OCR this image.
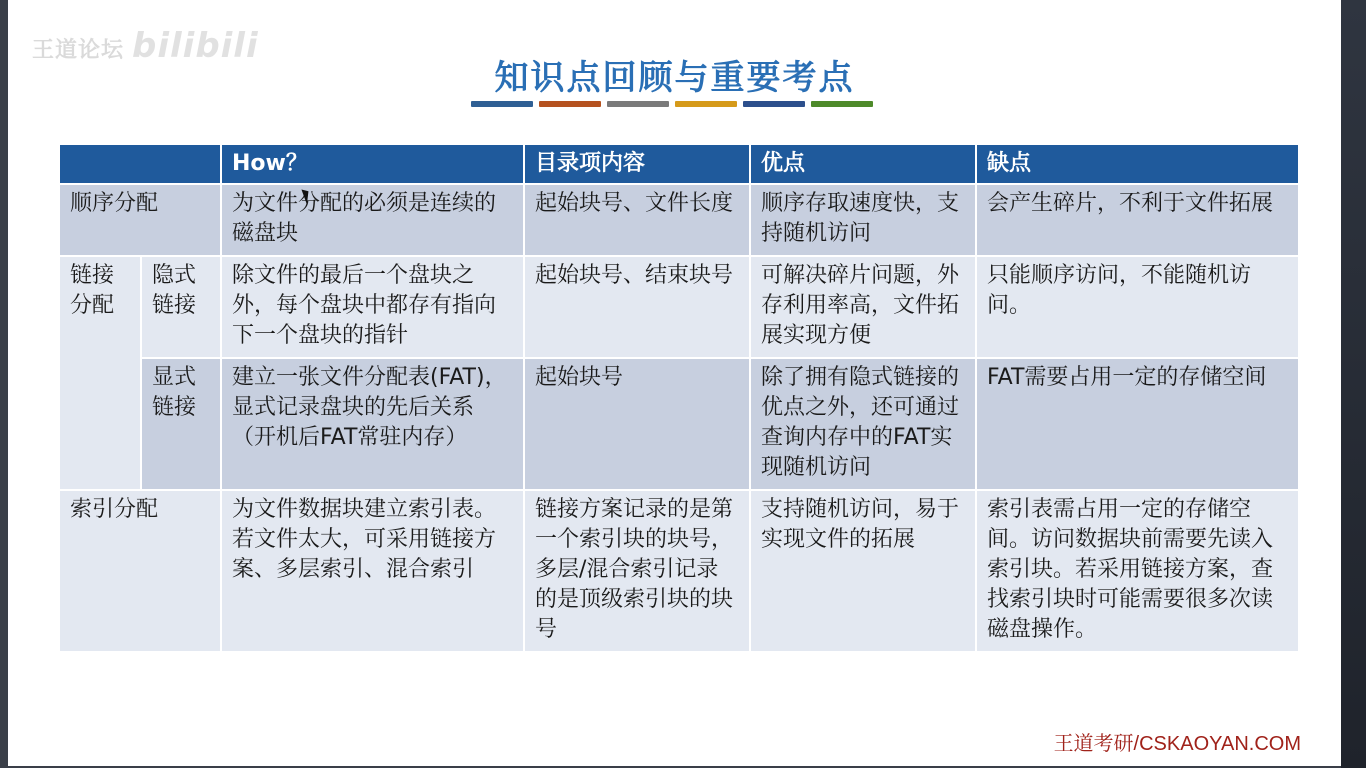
王道论坛 bilibili
知识点回顾与重要考点
		How？	目录项内容	优点	缺点
顺序分配		为文件分配的必须是连续的磁盘块	起始块号、文件长度	顺序存取速度快，支持随机访问	会产生碎片，不利于文件拓展
链接分配	隐式链接	除文件的最后一个盘块之外，每个盘块中都存有指向下一个盘块的指针	起始块号、结束块号	可解决碎片问题，外存利用率高，文件拓展实现方便	只能顺序访问，不能随机访问。
	显式链接	建立一张文件分配表(FAT)，显式记录盘块的先后关系（开机后FAT常驻内存）	起始块号	除了拥有隐式链接的优点之外，还可通过查询内存中的FAT实现随机访问	FAT需要占用一定的存储空间
索引分配		为文件数据块建立索引表。若文件太大，可采用链接方案、多层索引、混合索引	链接方案记录的是第一个索引块的块号，多层/混合索引记录的是顶级索引块的块号	支持随机访问，易于实现文件的拓展	索引表需占用一定的存储空间。访问数据块前需要先读入索引块。若采用链接方案，查找索引块时可能需要很多次读磁盘操作。
王道考研/CSKAOYAN.COM
